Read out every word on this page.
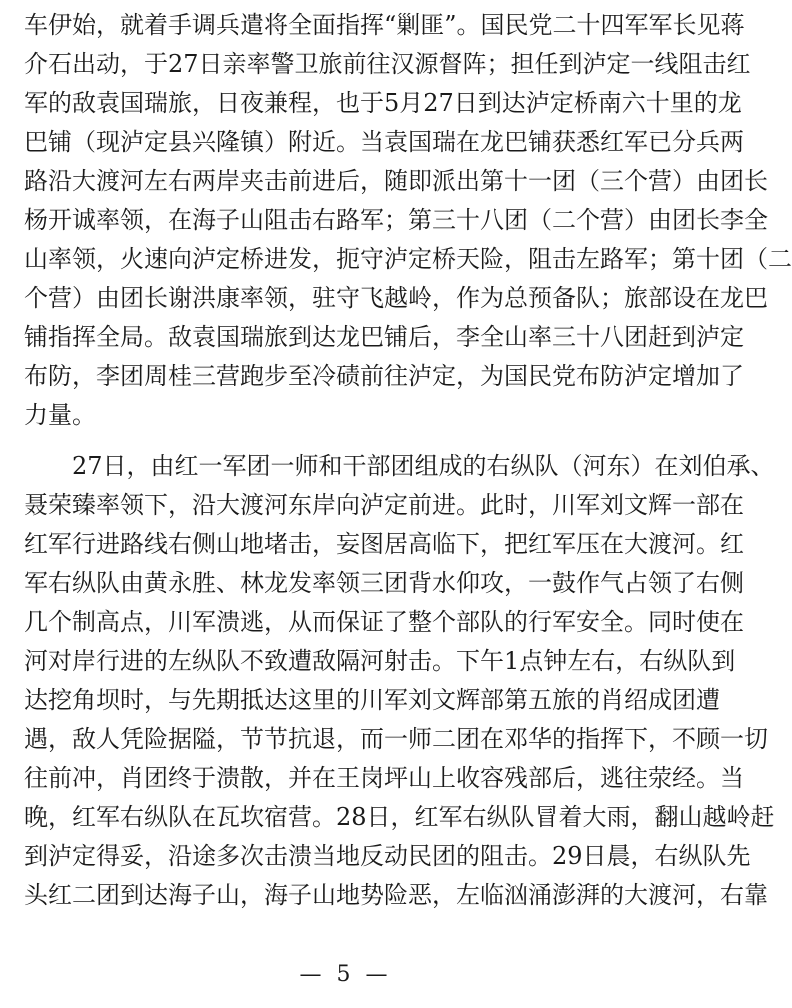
车伊始，就着手调兵遣将全面指挥“剿匪”。国民党二十四军军长见蒋
介石出动，于27日亲率警卫旅前往汉源督阵；担任到泸定一线阻击红
军的敌袁国瑞旅，日夜兼程，也于5月27日到达泸定桥南六十里的龙
巴铺（现泸定县兴隆镇）附近。当袁国瑞在龙巴铺获悉红军已分兵两
路沿大渡河左右两岸夹击前进后，随即派出第十一团（三个营）由团长
杨开诚率领，在海子山阻击右路军；第三十八团（二个营）由团长李全
山率领，火速向泸定桥进发，扼守泸定桥天险，阻击左路军；第十团（二
个营）由团长谢洪康率领，驻守飞越岭，作为总预备队；旅部设在龙巴
铺指挥全局。敌袁国瑞旅到达龙巴铺后，李全山率三十八团赶到泸定
布防，李团周桂三营跑步至冷碛前往泸定，为国民党布防泸定增加了
力量。
27日，由红一军团一师和干部团组成的右纵队（河东）在刘伯承、
聂荣臻率领下，沿大渡河东岸向泸定前进。此时，川军刘文辉一部在
红军行进路线右侧山地堵击，妄图居高临下，把红军压在大渡河。红
军右纵队由黄永胜、林龙发率领三团背水仰攻，一鼓作气占领了右侧
几个制高点，川军溃逃，从而保证了整个部队的行军安全。同时使在
河对岸行进的左纵队不致遭敌隔河射击。下午1点钟左右，右纵队到
达挖角坝时，与先期抵达这里的川军刘文辉部第五旅的肖绍成团遭
遇，敌人凭险据隘，节节抗退，而一师二团在邓华的指挥下，不顾一切
往前冲，肖团终于溃散，并在王岗坪山上收容残部后，逃往荥经。当
晚，红军右纵队在瓦坎宿营。28日，红军右纵队冒着大雨，翻山越岭赶
到泸定得妥，沿途多次击溃当地反动民团的阻击。29日晨，右纵队先
头红二团到达海子山，海子山地势险恶，左临汹涌澎湃的大渡河，右靠
— 5 —
